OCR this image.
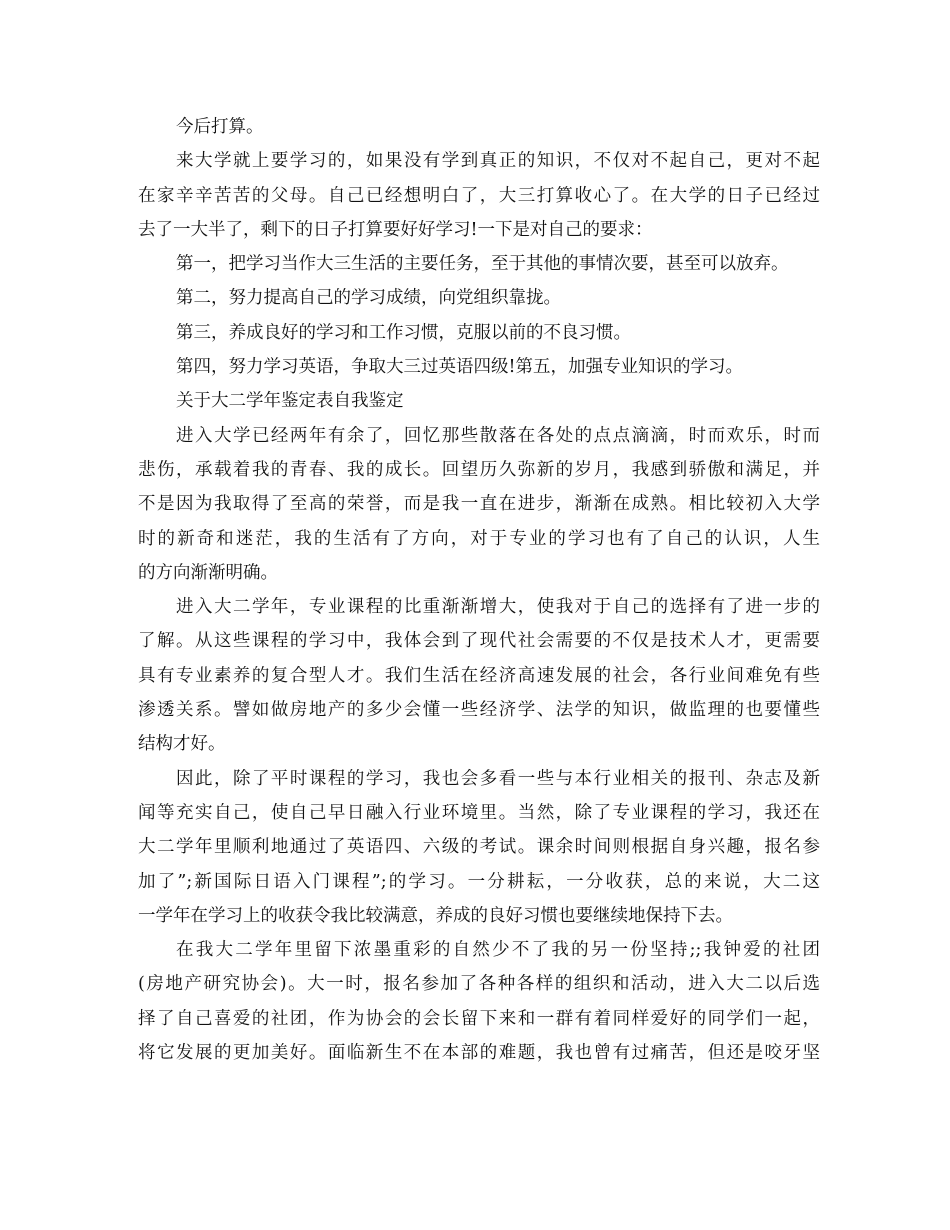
今后打算。
来大学就上要学习的，如果没有学到真正的知识，不仅对不起自己，更对不起
在家辛辛苦苦的父母。自己已经想明白了，大三打算收心了。在大学的日子已经过
去了一大半了，剩下的日子打算要好好学习!一下是对自己的要求：
第一，把学习当作大三生活的主要任务，至于其他的事情次要，甚至可以放弃。
第二，努力提高自己的学习成绩，向党组织靠拢。
第三，养成良好的学习和工作习惯，克服以前的不良习惯。
第四，努力学习英语，争取大三过英语四级!第五，加强专业知识的学习。
关于大二学年鉴定表自我鉴定
进入大学已经两年有余了，回忆那些散落在各处的点点滴滴，时而欢乐，时而
悲伤，承载着我的青春、我的成长。回望历久弥新的岁月，我感到骄傲和满足，并
不是因为我取得了至高的荣誉，而是我一直在进步，渐渐在成熟。相比较初入大学
时的新奇和迷茫，我的生活有了方向，对于专业的学习也有了自己的认识，人生
的方向渐渐明确。
进入大二学年，专业课程的比重渐渐增大，使我对于自己的选择有了进一步的
了解。从这些课程的学习中，我体会到了现代社会需要的不仅是技术人才，更需要
具有专业素养的复合型人才。我们生活在经济高速发展的社会，各行业间难免有些
渗透关系。譬如做房地产的多少会懂一些经济学、法学的知识，做监理的也要懂些
结构才好。
因此，除了平时课程的学习，我也会多看一些与本行业相关的报刊、杂志及新
闻等充实自己，使自己早日融入行业环境里。当然，除了专业课程的学习，我还在
大二学年里顺利地通过了英语四、六级的考试。课余时间则根据自身兴趣，报名参
加了”;新国际日语入门课程”;的学习。一分耕耘，一分收获，总的来说，大二这
一学年在学习上的收获令我比较满意，养成的良好习惯也要继续地保持下去。
在我大二学年里留下浓墨重彩的自然少不了我的另一份坚持;;我钟爱的社团
(房地产研究协会)。大一时，报名参加了各种各样的组织和活动，进入大二以后选
择了自己喜爱的社团，作为协会的会长留下来和一群有着同样爱好的同学们一起，
将它发展的更加美好。面临新生不在本部的难题，我也曾有过痛苦，但还是咬牙坚
